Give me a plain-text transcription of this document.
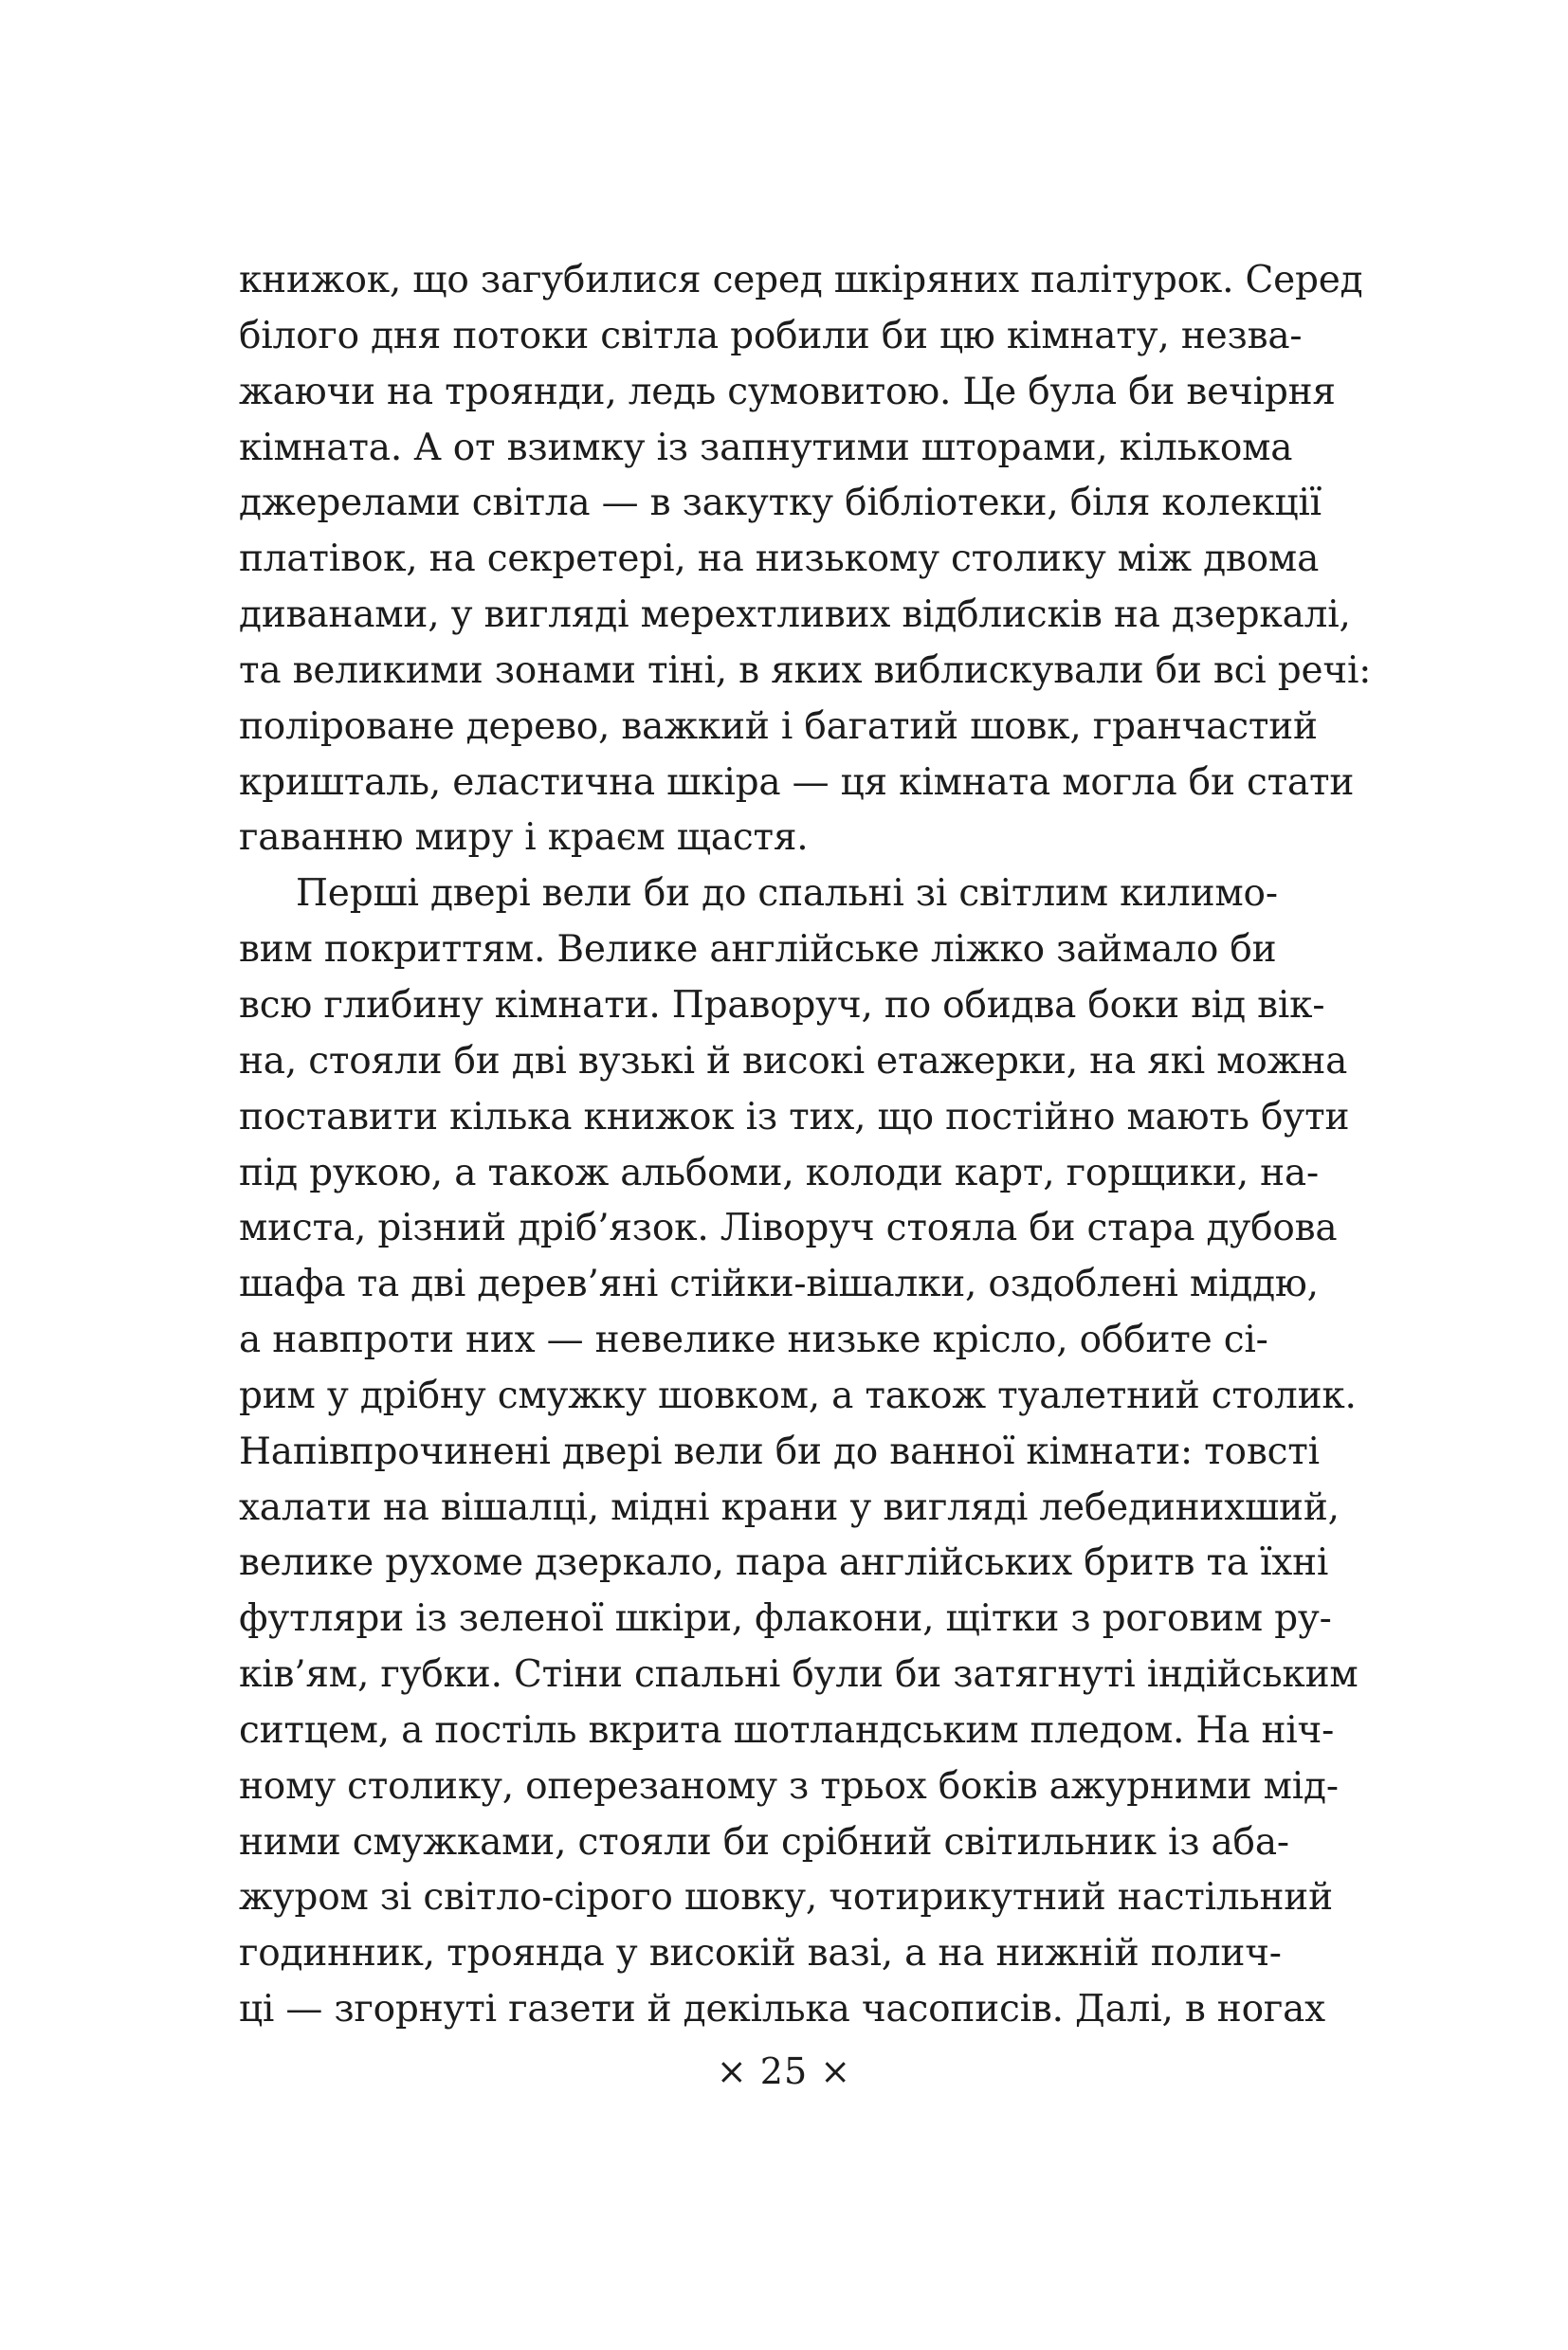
книжок, що загубилися серед шкіряних палітурок. Серед
білого дня потоки світла робили би цю кімнату, незва-
жаючи на троянди, ледь сумовитою. Це була би вечірня
кімната. А от взимку із запнутими шторами, кількома
джерелами світла — в закутку бібліотеки, біля колекції
платівок, на секретері, на низькому столику між двома
диванами, у вигляді мерехтливих відблисків на дзеркалі,
та великими зонами тіні, в яких виблискували би всі речі:
поліроване дерево, важкий і багатий шовк, гранчастий
кришталь, еластична шкіра — ця кімната могла би стати
гаванню миру і краєм щастя.
Перші двері вели би до спальні зі світлим килимо-
вим покриттям. Велике англійське ліжко займало би
всю глибину кімнати. Праворуч, по обидва боки від вік-
на, стояли би дві вузькі й високі етажерки, на які можна
поставити кілька книжок із тих, що постійно мають бути
під рукою, а також альбоми, колоди карт, горщики, на-
миста, різний дріб’язок. Ліворуч стояла би стара дубова
шафа та дві дерев’яні стійки-вішалки, оздоблені міддю,
а навпроти них — невелике низьке крісло, оббите сі-
рим у дрібну смужку шовком, а також туалетний столик.
Напівпрочинені двері вели би до ванної кімнати: товсті
халати на вішалці, мідні крани у вигляді лебединихший,
велике рухоме дзеркало, пара англійських бритв та їхні
футляри із зеленої шкіри, флакони, щітки з роговим ру-
ків’ям, губки. Стіни спальні були би затягнуті індійським
ситцем, а постіль вкрита шотландським пледом. На ніч-
ному столику, оперезаному з трьох боків ажурними мід-
ними смужками, стояли би срібний світильник із аба-
журом зі світло-сірого шовку, чотирикутний настільний
годинник, троянда у високій вазі, а на нижній полич-
ці — згорнуті газети й декілька часописів. Далі, в ногах
× 25 ×
